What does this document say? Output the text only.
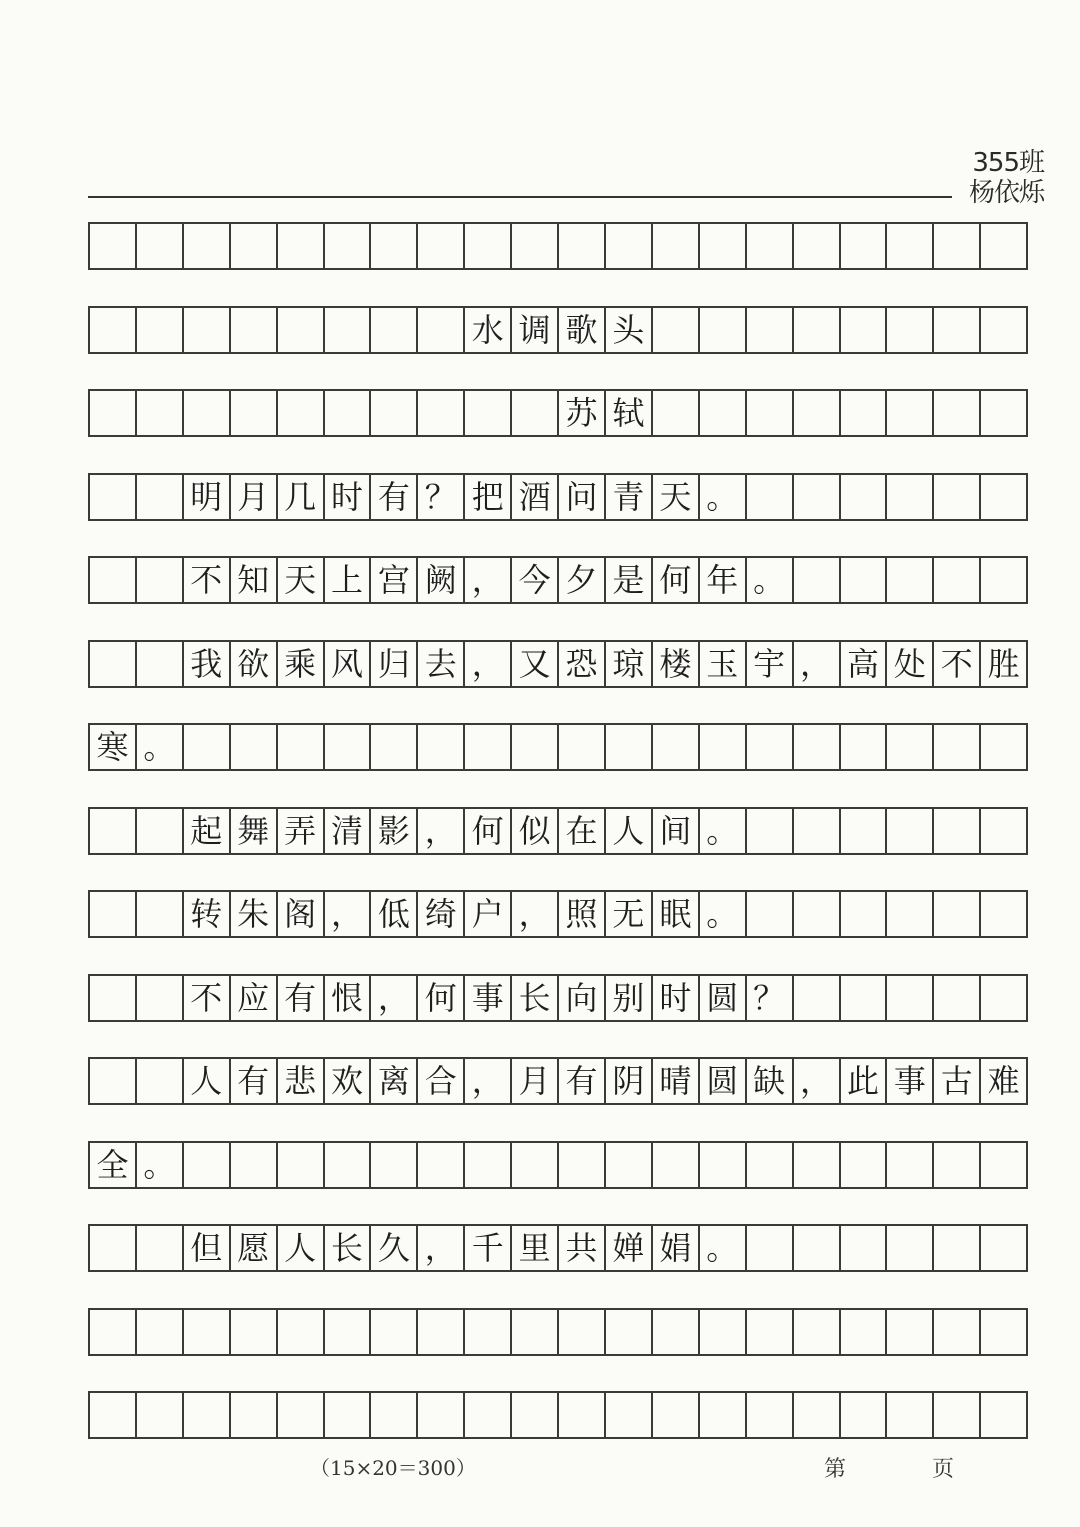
355班
杨依烁
水 调 歌 头
苏 轼
明 月 几 时 有 ？ 把 酒 问 青 天 。
不 知 天 上 宫 阙 ， 今 夕 是 何 年 。
我 欲 乘 风 归 去 ， 又 恐 琼 楼 玉 宇 ， 高 处 不 胜
寒 。
起 舞 弄 清 影 ， 何 似 在 人 间 。
转 朱 阁 ， 低 绮 户 ， 照 无 眠 。
不 应 有 恨 ， 何 事 长 向 别 时 圆 ？
人 有 悲 欢 离 合 ， 月 有 阴 晴 圆 缺 ， 此 事 古 难
全 。
但 愿 人 长 久 ， 千 里 共 婵 娟 。
（15×20＝300）	第	页
